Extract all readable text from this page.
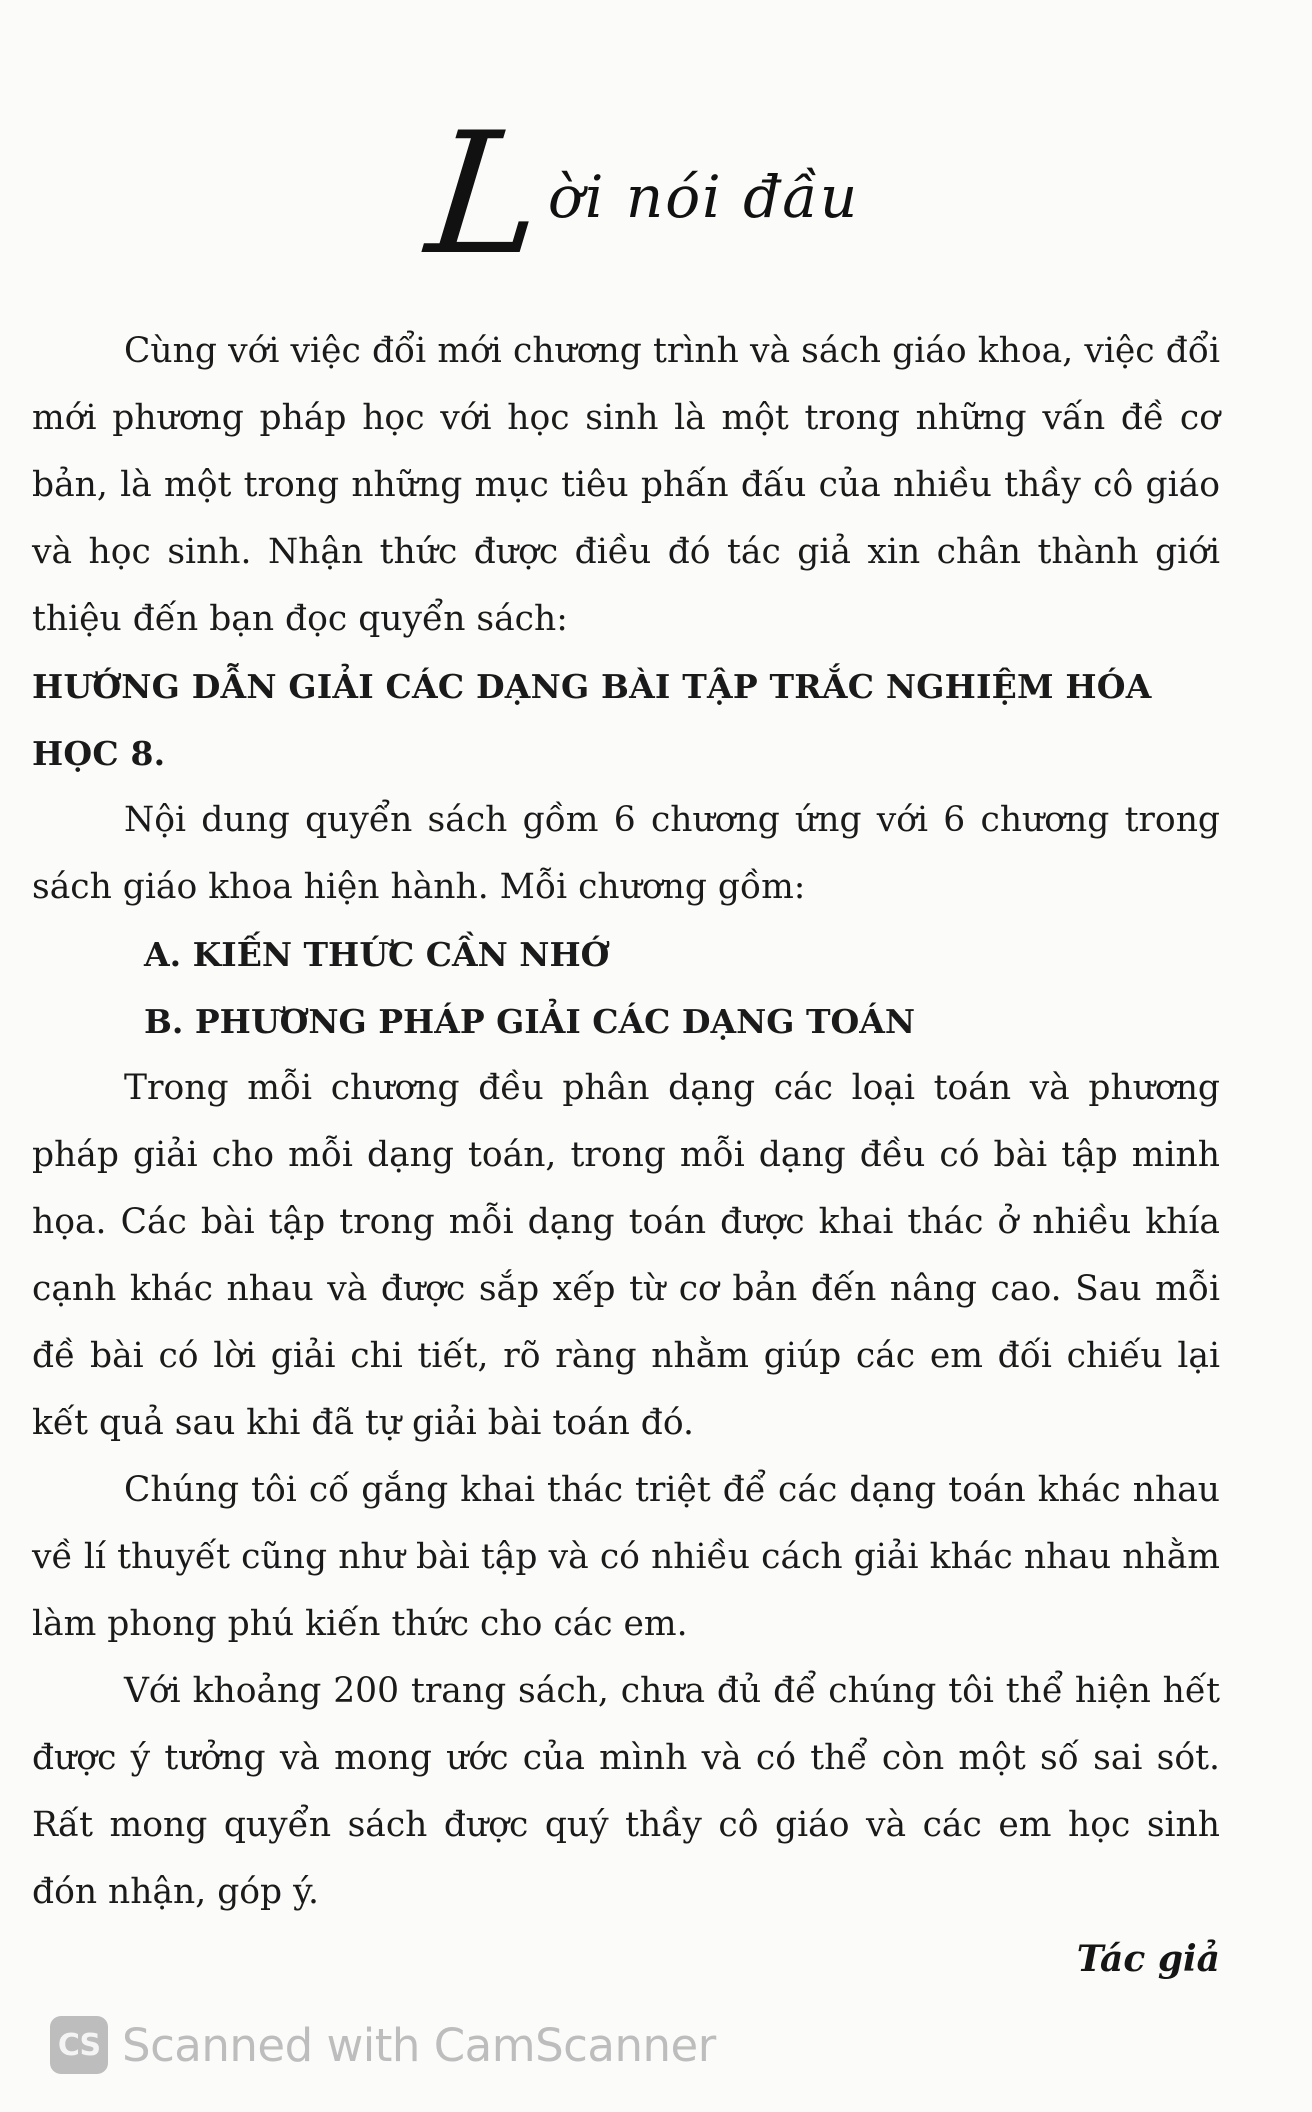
L
ời nói đầu

Cùng với việc đổi mới chương trình và sách giáo khoa, việc đổi mới phương pháp học với học sinh là một trong những vấn đề cơ bản, là một trong những mục tiêu phấn đấu của nhiều thầy cô giáo và học sinh. Nhận thức được điều đó tác giả xin chân thành giới thiệu đến bạn đọc quyển sách:

HƯỚNG DẪN GIẢI CÁC DẠNG BÀI TẬP TRẮC NGHIỆM HÓA HỌC 8.

Nội dung quyển sách gồm 6 chương ứng với 6 chương trong sách giáo khoa hiện hành. Mỗi chương gồm:

A. KIẾN THỨC CẦN NHỚ

B. PHƯƠNG PHÁP GIẢI CÁC DẠNG TOÁN

Trong mỗi chương đều phân dạng các loại toán và phương pháp giải cho mỗi dạng toán, trong mỗi dạng đều có bài tập minh họa. Các bài tập trong mỗi dạng toán được khai thác ở nhiều khía cạnh khác nhau và được sắp xếp từ cơ bản đến nâng cao. Sau mỗi đề bài có lời giải chi tiết, rõ ràng nhằm giúp các em đối chiếu lại kết quả sau khi đã tự giải bài toán đó.

Chúng tôi cố gắng khai thác triệt để các dạng toán khác nhau về lí thuyết cũng như bài tập và có nhiều cách giải khác nhau nhằm làm phong phú kiến thức cho các em.

Với khoảng 200 trang sách, chưa đủ để chúng tôi thể hiện hết được ý tưởng và mong ước của mình và có thể còn một số sai sót. Rất mong quyển sách được quý thầy cô giáo và các em học sinh đón nhận, góp ý.

Tác giả
CS Scanned with CamScanner
